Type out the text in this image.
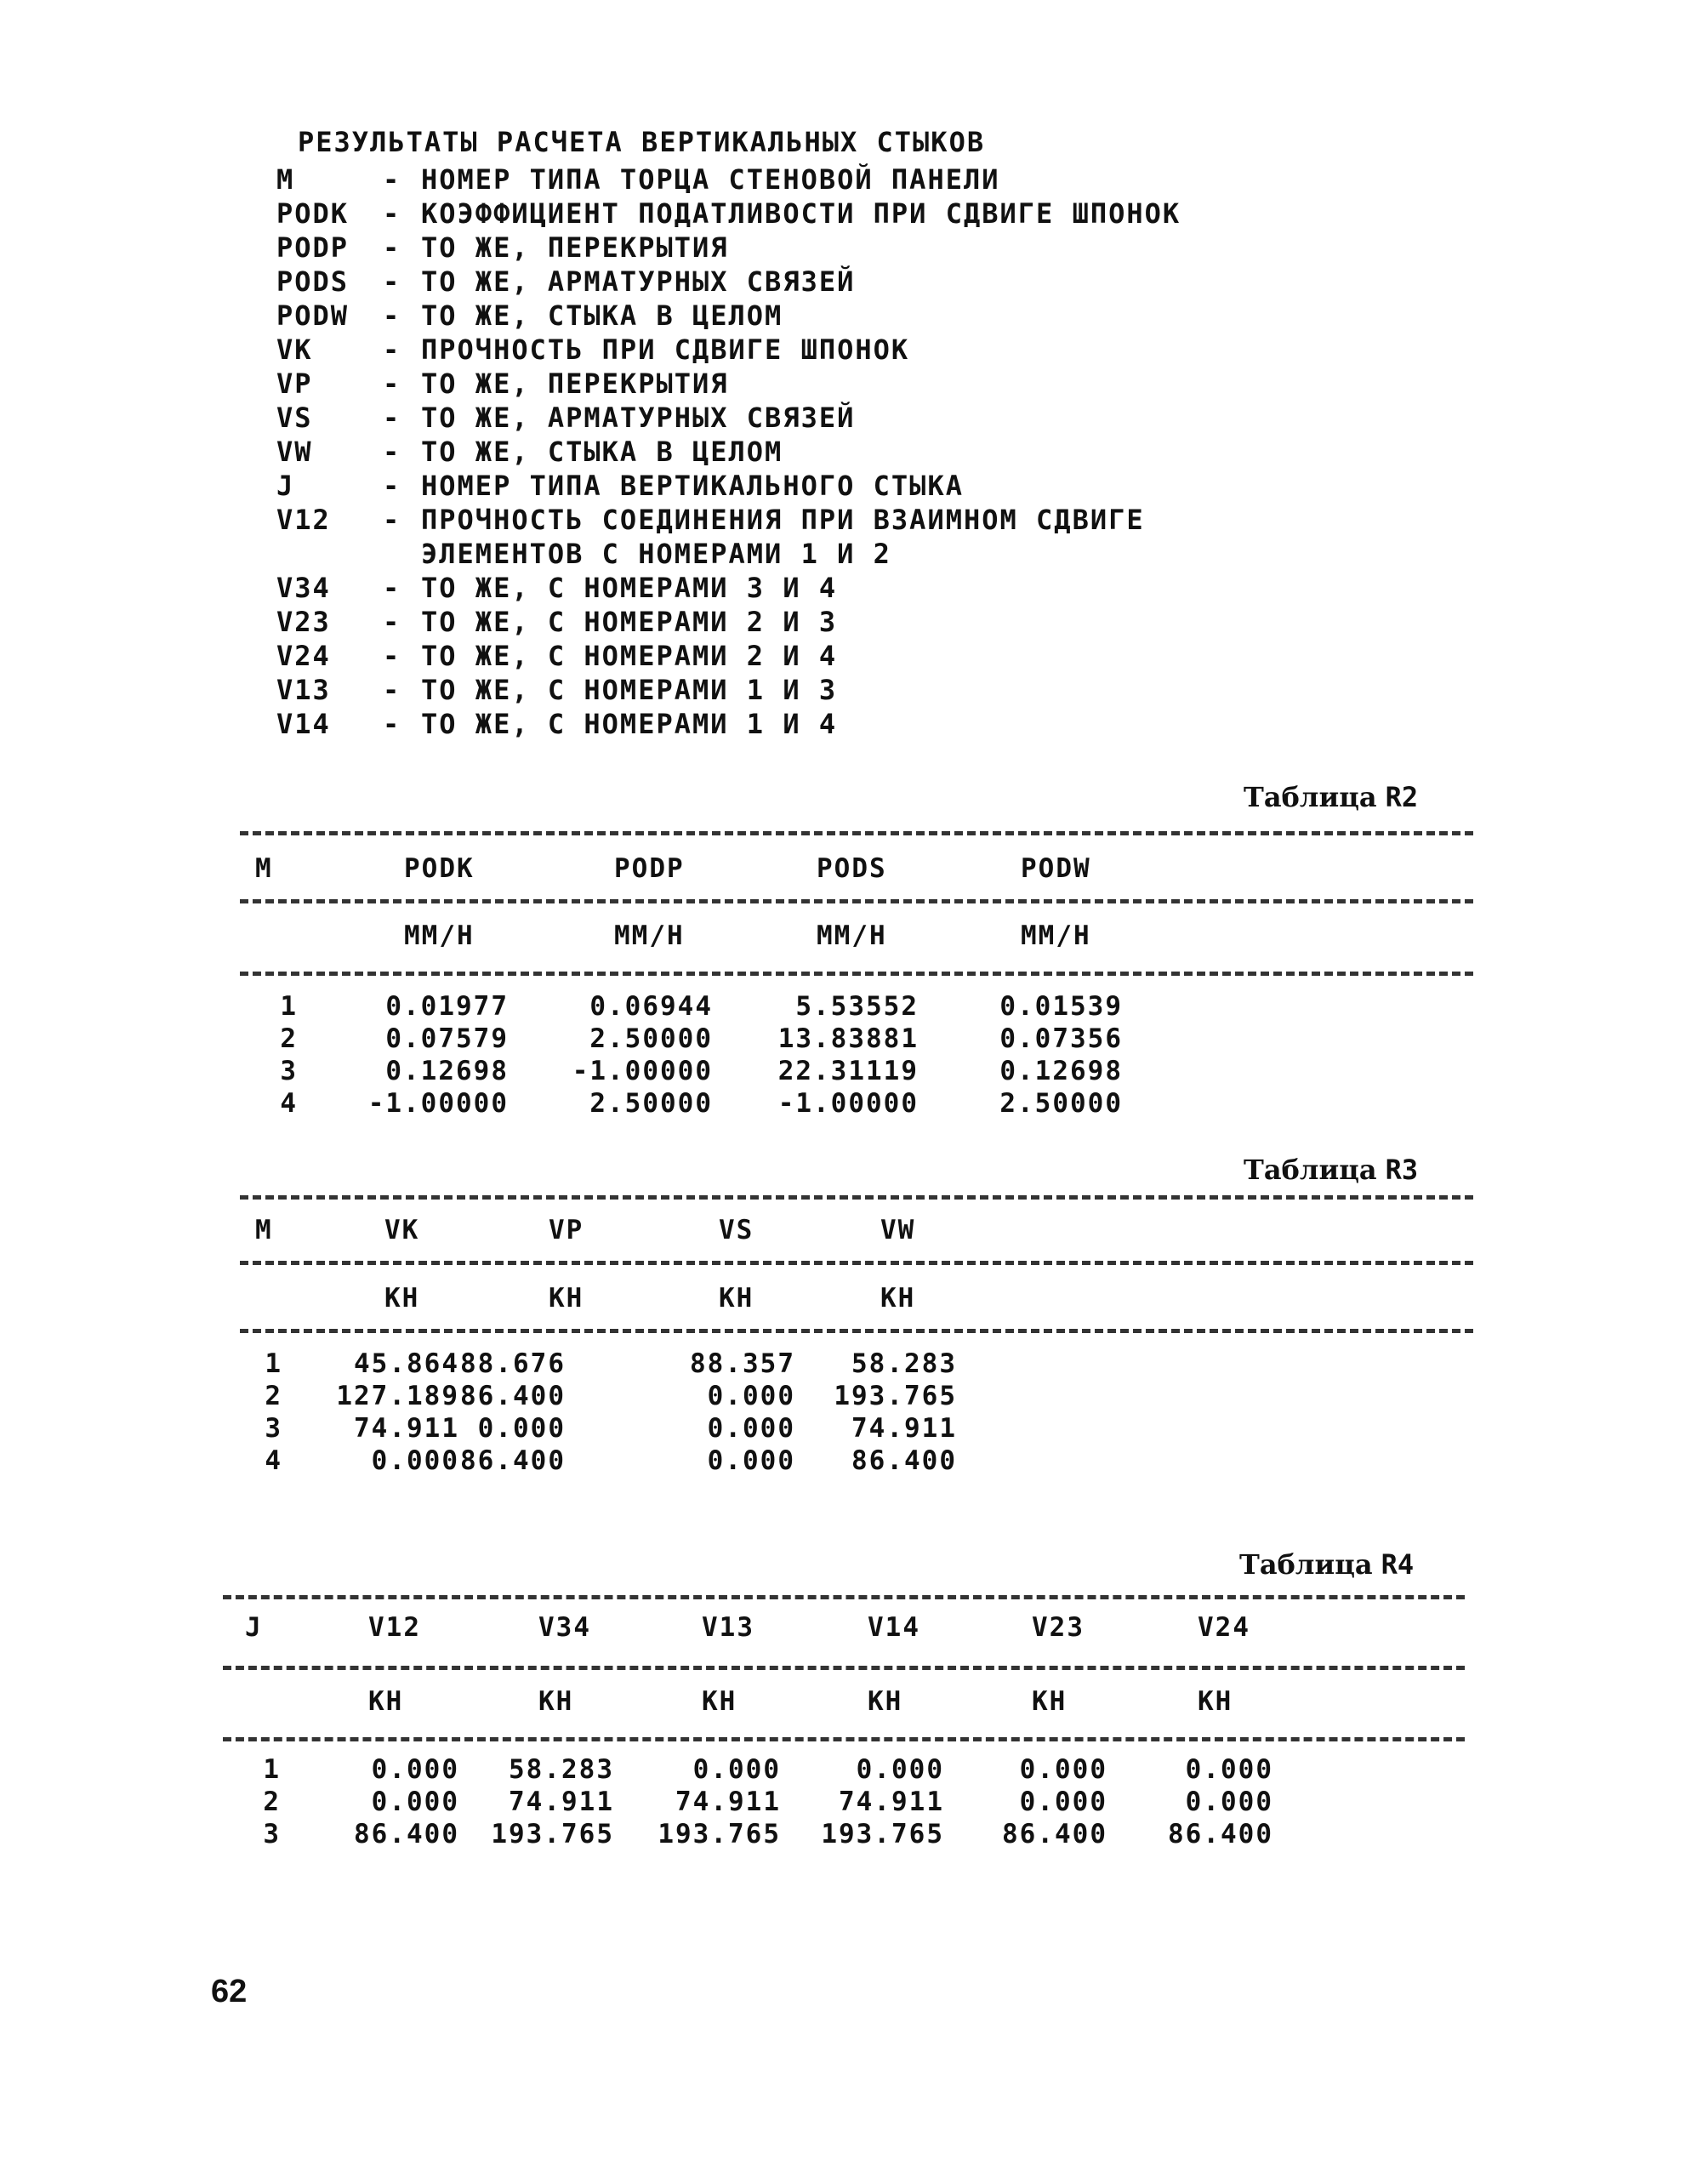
РЕЗУЛЬТАТЫ РАСЧЕТА ВЕРТИКАЛЬНЫХ СТЫКОВ
M	- НОМЕР ТИПА ТОРЦА СТЕНОВОЙ ПАНЕЛИ
PODK - КОЭФФИЦИЕНТ ПОДАТЛИВОСТИ ПРИ СДВИГЕ ШПОНОК
PODP - ТО ЖЕ, ПЕРЕКРЫТИЯ
PODS - ТО ЖЕ, АРМАТУРНЫХ СВЯЗЕЙ
PODW - ТО ЖЕ, СТЫКА В ЦЕЛОМ
VK	- ПРОЧНОСТЬ ПРИ СДВИГЕ ШПОНОК
VP	- ТО ЖЕ, ПЕРЕКРЫТИЯ
VS	- ТО ЖЕ, АРМАТУРНЫХ СВЯЗЕЙ
VW	- ТО ЖЕ, СТЫКА В ЦЕЛОМ
J	- НОМЕР ТИПА ВЕРТИКАЛЬНОГО СТЫКА
V12 - ПРОЧНОСТЬ СОЕДИНЕНИЯ ПРИ ВЗАИМНОМ СДВИГЕ
ЭЛЕМЕНТОВ С НОМЕРАМИ 1 И 2
V34 - ТО ЖЕ, С НОМЕРАМИ 3 И 4
V23 - ТО ЖЕ, С НОМЕРАМИ 2 И 3
V24 - ТО ЖЕ, С НОМЕРАМИ 2 И 4
V13 - ТО ЖЕ, С НОМЕРАМИ 1 И 3
V14 - ТО ЖЕ, С НОМЕРАМИ 1 И 4
Таблица R2
M	PODK	PODP	PODS	PODW
ММ/Н	ММ/Н	ММ/Н	ММ/Н
1	0.01977	0.06944	5.53552	0.01539
2	0.07579	2.50000	13.83881	0.07356
3	0.12698	-1.00000	22.31119	0.12698
4	-1.00000	2.50000	-1.00000	2.50000
Таблица R3
M	VK	VP	VS	VW
КН	КН	КН	КН
1	45.864 88.676	88.357	58.283
2	127.189 86.400	0.000	193.765
3	74.911 0.000	0.000	74.911
4	0.000 86.400	0.000	86.400
Таблица R4
J	V12	V34	V13	V14	V23	V24
КН	КН	КН	КН	КН	КН
1	0.000	58.283	0.000	0.000	0.000	0.000
2	0.000	74.911	74.911	74.911	0.000	0.000
3	86.400	193.765	193.765	193.765	86.400	86.400
62
